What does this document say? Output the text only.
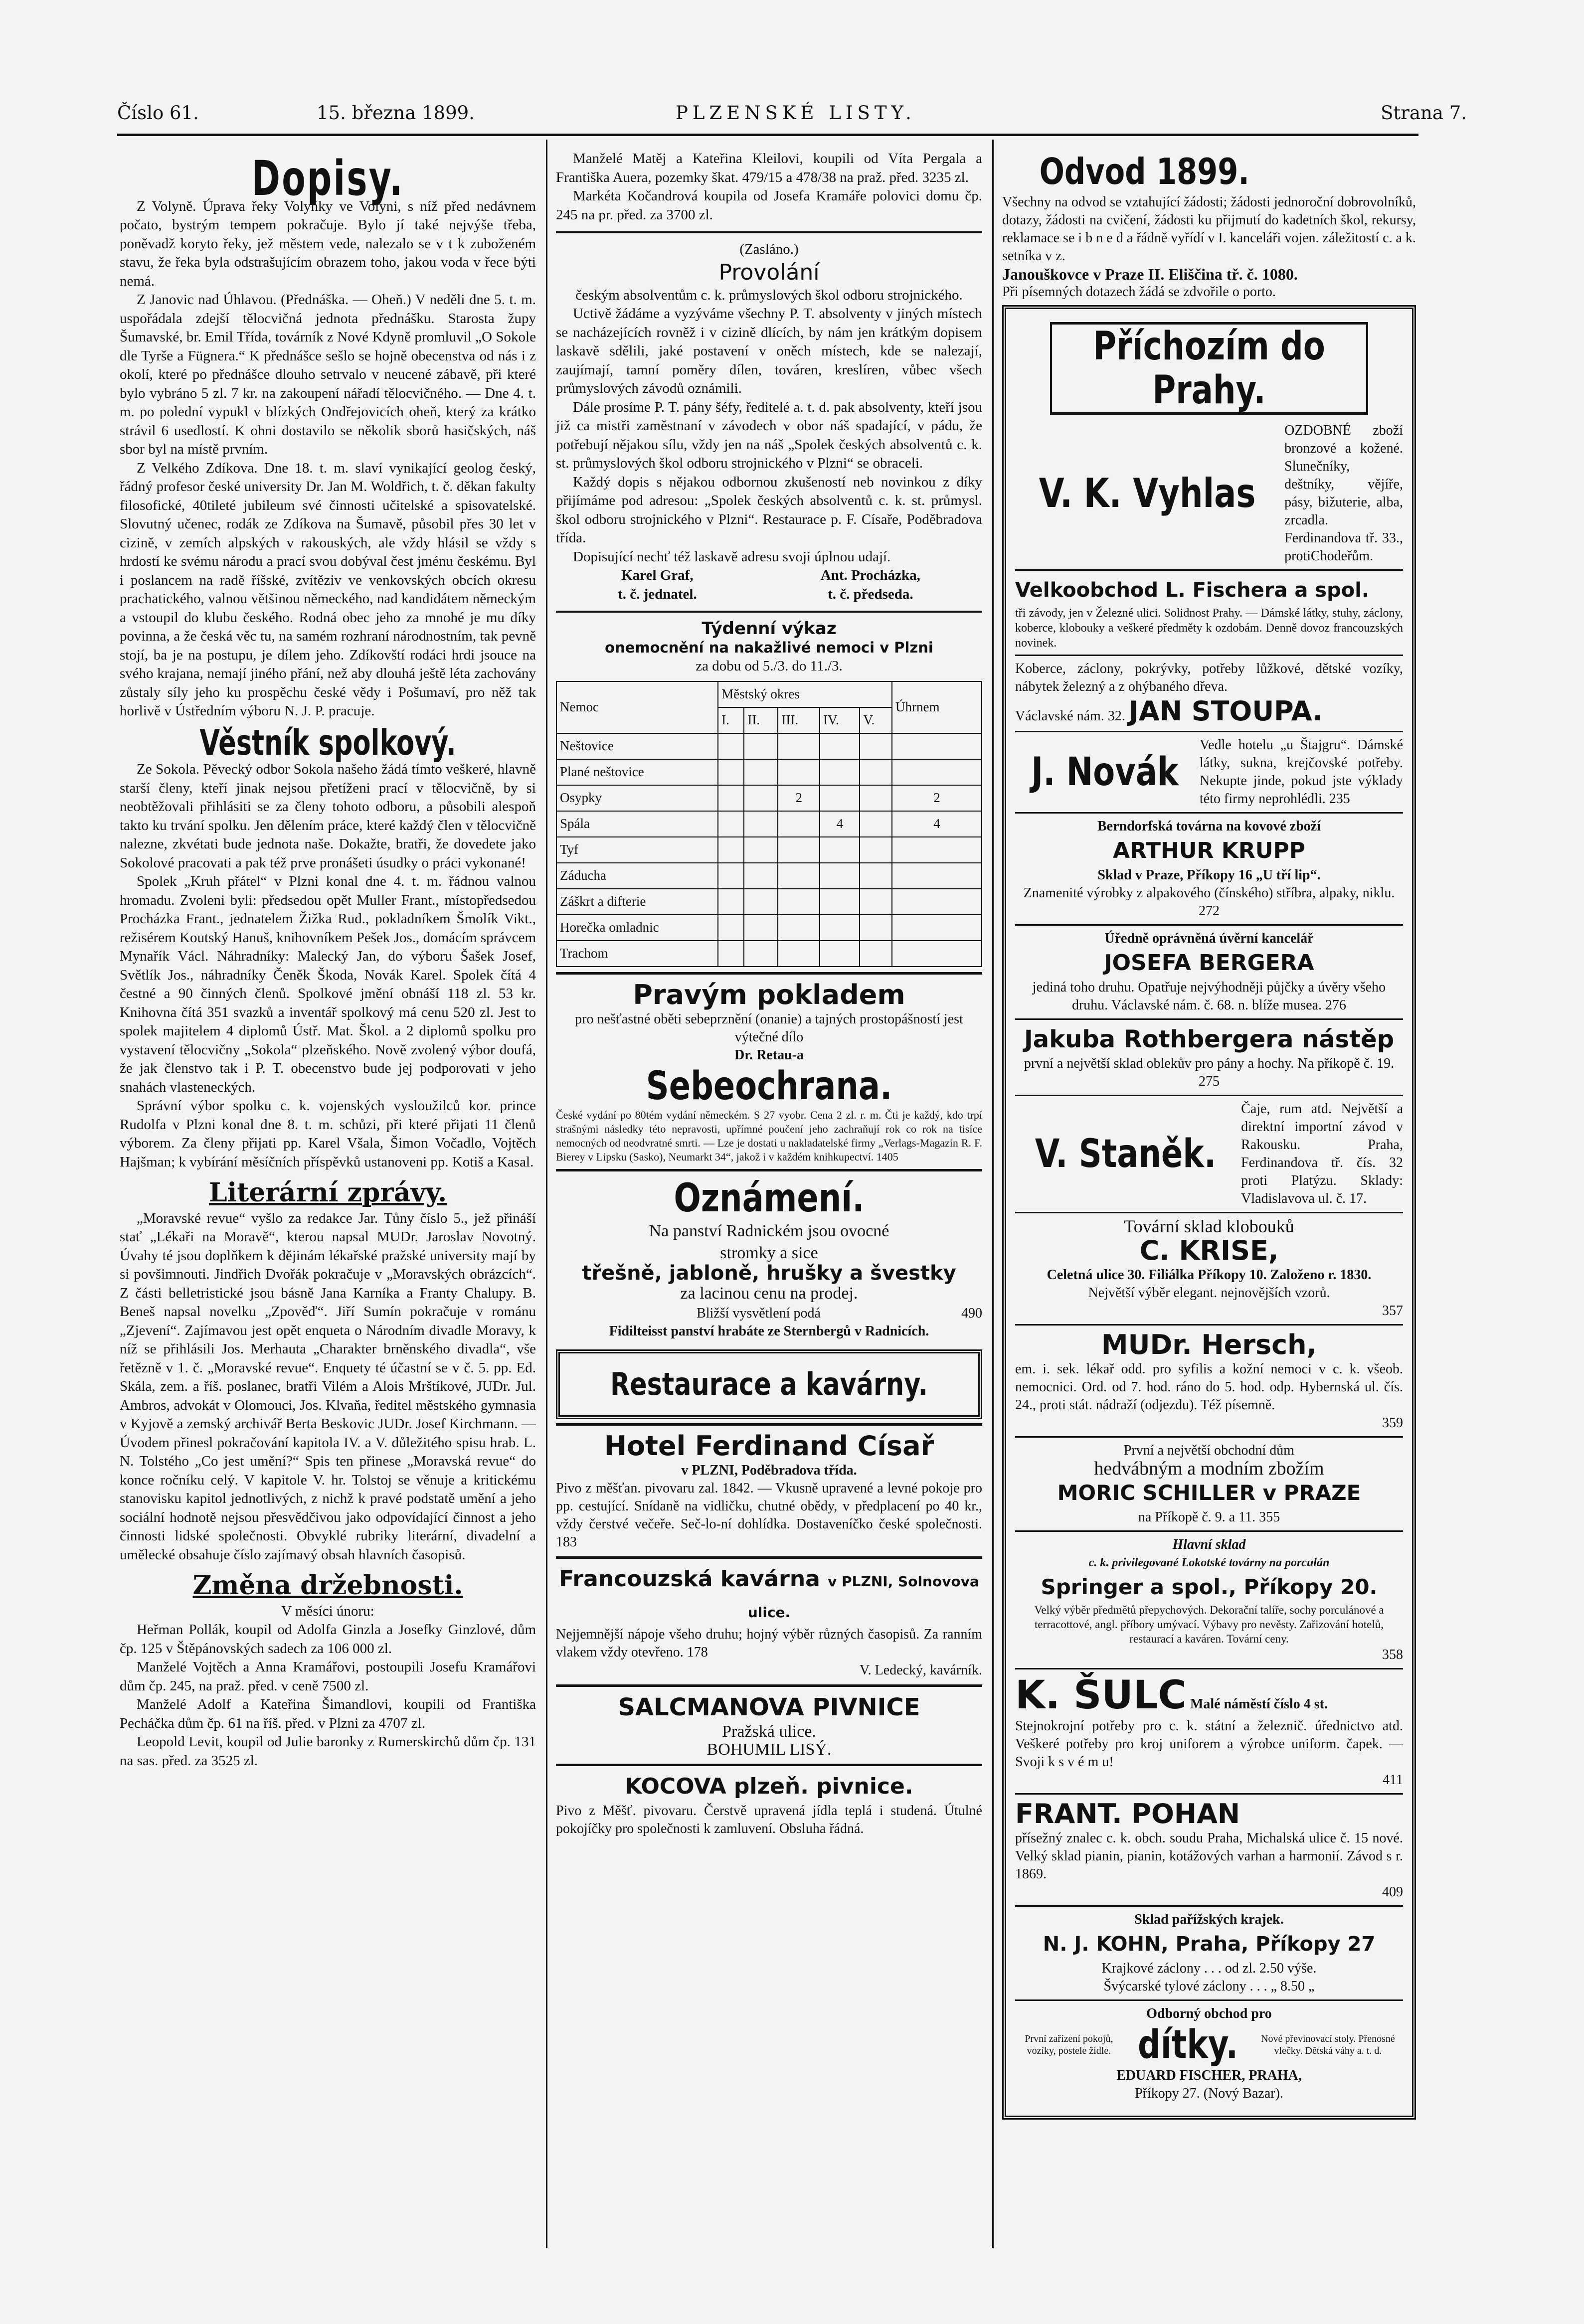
Číslo 61.	15. března 1899.	PLZENSKÉ LISTY.	Strana 7.
Dopisy.

Z Volyně. Úprava řeky Volyňky ve Volyni, s níž před nedávnem počato, bystrým tempem pokračuje. Bylo jí také nejvýše třeba, poněvadž koryto řeky, jež městem vede, nalezalo se v t k zuboženém stavu, že řeka byla odstrašujícím obrazem toho, jakou voda v řece býti nemá.

Z Janovic nad Úhlavou. (Přednáška. — Oheň.) V neděli dne 5. t. m. uspořádala zdejší tělocvičná jednota přednášku. Starosta župy Šumavské, br. Emil Třída, továrník z Nové Kdyně promluvil „O Sokole dle Tyrše a Fügnera.“ K přednášce sešlo se hojně obecenstva od nás i z okolí, které po přednášce dlouho setrvalo v neucené zábavě, při které bylo vybráno 5 zl. 7 kr. na zakoupení nářadí tělocvičného. — Dne 4. t. m. po polední vypukl v blízkých Ondřejovicích oheň, který za krátko strávil 6 usedlostí. K ohni dostavilo se několik sborů hasičských, náš sbor byl na místě prvním.

Z Velkého Zdíkova. Dne 18. t. m. slaví vynikající geolog český, řádný profesor české university Dr. Jan M. Woldřich, t. č. děkan fakulty filosofické, 40tileté jubileum své činnosti učitelské a spisovatelské. Slovutný učenec, rodák ze Zdíkova na Šumavě, působil přes 30 let v cizině, v zemích alpských v rakouských, ale vždy hlásil se vždy s hrdostí ke svému národu a prací svou dobýval čest jménu českému. Byl i poslancem na radě říšské, zvítěziv ve venkovských obcích okresu prachatického, valnou většinou německého, nad kandidátem německým a vstoupil do klubu českého. Rodná obec jeho za mnohé je mu díky povinna, a že česká věc tu, na samém rozhraní národnostním, tak pevně stojí, ba je na postupu, je dílem jeho. Zdíkovští rodáci hrdi jsouce na svého krajana, nemají jiného přání, než aby dlouhá ještě léta zachovány zůstaly síly jeho ku prospěchu české vědy i Pošumaví, pro něž tak horlivě v Ústředním výboru N. J. P. pracuje.

Věstník spolkový.

Ze Sokola. Pěvecký odbor Sokola našeho žádá tímto veškeré, hlavně starší členy, kteří jinak nejsou přetíženi prací v tělocvičně, by si neobtěžovali přihlásiti se za členy tohoto odboru, a působili alespoň takto ku trvání spolku. Jen dělením práce, které každý člen v tělocvičně nalezne, zkvétati bude jednota naše. Dokažte, bratři, že dovedete jako Sokolové pracovati a pak též prve pronášeti úsudky o práci vykonané!

Spolek „Kruh přátel“ v Plzni konal dne 4. t. m. řádnou valnou hromadu. Zvoleni byli: předsedou opět Muller Frant., místopředsedou Procházka Frant., jednatelem Žižka Rud., pokladníkem Šmolík Vikt., režisérem Koutský Hanuš, knihovníkem Pešek Jos., domácím správcem Mynařík Václ. Náhradníky: Malecký Jan, do výboru Šašek Josef, Světlík Jos., náhradníky Čeněk Škoda, Novák Karel. Spolek čítá 4 čestné a 90 činných členů. Spolkové jmění obnáší 118 zl. 53 kr. Knihovna čítá 351 svazků a inventář spolkový má cenu 520 zl. Jest to spolek majitelem 4 diplomů Ústř. Mat. Škol. a 2 diplomů spolku pro vystavení tělocvičny „Sokola“ plzeňského. Nově zvolený výbor doufá, že jak členstvo tak i P. T. obecenstvo bude jej podporovati v jeho snahách vlasteneckých.

Správní výbor spolku c. k. vojenských vysloužilců kor. prince Rudolfa v Plzni konal dne 8. t. m. schůzi, při které přijati 11 členů výborem. Za členy přijati pp. Karel Všala, Šimon Vočadlo, Vojtěch Hajšman; k vybírání měsíčních příspěvků ustanoveni pp. Kotiš a Kasal.

Literární zprávy.

„Moravské revue“ vyšlo za redakce Jar. Tůny číslo 5., jež přináší stať „Lékaři na Moravě“, kterou napsal MUDr. Jaroslav Novotný. Úvahy té jsou doplňkem k dějinám lékařské pražské university mají by si povšimnouti. Jindřich Dvořák pokračuje v „Moravských obrázcích“. Z části belletristické jsou básně Jana Karníka a Franty Chalupy. B. Beneš napsal novelku „Zpověď“. Jiří Sumín pokračuje v románu „Zjevení“. Zajímavou jest opět enqueta o Národním divadle Moravy, k níž se přihlásili Jos. Merhauta „Charakter brněnského divadla“, vše řetězně v 1. č. „Moravské revue“. Enquety té účastní se v č. 5. pp. Ed. Skála, zem. a říš. poslanec, bratři Vilém a Alois Mrštíkové, JUDr. Jul. Ambros, advokát v Olomouci, Jos. Klvaňa, ředitel městského gymnasia v Kyjově a zemský archivář Berta Beskovic JUDr. Josef Kirchmann. — Úvodem přinesl pokračování kapitola IV. a V. důležitého spisu hrab. L. N. Tolstého „Co jest umění?“ Spis ten přinese „Moravská revue“ do konce ročníku celý. V kapitole V. hr. Tolstoj se věnuje a kritickému stanovisku kapitol jednotlivých, z nichž k pravé podstatě umění a jeho sociální hodnotě nejsou přesvědčivou jako odpovídající činnost a jeho činnosti lidské společnosti. Obvyklé rubriky literární, divadelní a umělecké obsahuje číslo zajímavý obsah hlavních časopisů.

Změna držebnosti.

V měsíci únoru:

Heřman Pollák, koupil od Adolfa Ginzla a Josefky Ginzlové, dům čp. 125 v Štěpánovských sadech za 106 000 zl.

Manželé Vojtěch a Anna Kramářovi, postoupili Josefu Kramářovi dům čp. 245, na praž. před. v ceně 7500 zl.

Manželé Adolf a Kateřina Šimandlovi, koupili od Františka Pecháčka dům čp. 61 na říš. před. v Plzni za 4707 zl.

Leopold Levit, koupil od Julie baronky z Rumerskirchů dům čp. 131 na sas. před. za 3525 zl.

Manželé Matěj a Kateřina Kleilovi, koupili od Víta Pergala a Františka Auera, pozemky škat. 479/15 a 478/38 na praž. před. 3235 zl.

Markéta Kočandrová koupila od Josefa Kramáře polovici domu čp. 245 na pr. před. za 3700 zl.

(Zasláno.)

Provolání

českým absolventům c. k. průmyslových škol odboru strojnického.

Uctivě žádáme a vyzýváme všechny P. T. absolventy v jiných místech se nacházejících rovněž i v cizině dlících, by nám jen krátkým dopisem laskavě sdělili, jaké postavení v oněch místech, kde se nalezají, zaujímají, tamní poměry dílen, továren, kreslíren, vůbec všech průmyslových závodů oznámili.

Dále prosíme P. T. pány šéfy, ředitelé a. t. d. pak absolventy, kteří jsou již ca mistři zaměstnaní v závodech v obor náš spadající, v pádu, že potřebují nějakou sílu, vždy jen na náš „Spolek českých absolventů c. k. st. průmyslových škol odboru strojnického v Plzni“ se obraceli.

Každý dopis s nějakou odbornou zkušeností neb novinkou z díky přijímáme pod adresou: „Spolek českých absolventů c. k. st. průmysl. škol odboru strojnického v Plzni“. Restaurace p. F. Císaře, Poděbradova třída.

Dopisující nechť též laskavě adresu svoji úplnou udají.

Karel Graf,
t. č. jednatel.
Ant. Procházka,
t. č. předseda.

Týdenní výkaz

onemocnění na nakažlivé nemoci v Plzni

za dobu od 5./3. do 11./3.

Nemoc	Městský okres					Úhrnem
	I.	II.	III.	IV.	V.	
Neštovice						
Plané neštovice						
Osypky			2			2
Spála				4		4
Tyf						
Záducha						
Záškrt a difterie						
Horečka omladnic						
Trachom						
Pravým pokladem
pro nešťastné oběti sebeprznění (onanie) a tajných prostopášností jest výtečné dílo
Dr. Retau-a
Sebeochrana.
České vydání po 80tém vydání německém. S 27 vyobr. Cena 2 zl. r. m. Čti je každý, kdo trpí strašnými následky této nepravosti, upřímné poučení jeho zachraňují rok co rok na tisíce nemocných od neodvratné smrti. — Lze je dostati u nakladatelské firmy „Verlags-Magazin R. F. Bierey v Lipsku (Sasko), Neumarkt 34“, jakož i v každém knihkupectví. 1405
Oznámení.
Na panství Radnickém jsou ovocné
stromky a sice
třešně, jabloně, hrušky a švestky
za lacinou cenu na prodej.
Bližší vysvětlení podá	490
Fidilteisst panství hrabáte ze Sternbergů v Radnicích.
Restaurace a kavárny.
Hotel Ferdinand Císař
v PLZNI, Poděbradova třída.
Pivo z měšťan. pivovaru zal. 1842. — Vkusně upravené a levné pokoje pro pp. cestující. Snídaně na vidličku, chutné obědy, v předplacení po 40 kr., vždy čerstvé večeře. Seč-lo-ní dohlídka. Dostaveníčko české společnosti. 183
Francouzská kavárna v PLZNI, Solnovova ulice.
Nejjemnější nápoje všeho druhu; hojný výběr různých časopisů. Za ranním vlakem vždy otevřeno. 178
V. Ledecký, kavárník.
SALCMANOVA PIVNICE
Pražská ulice.
BOHUMIL LISÝ.
KOCOVA plzeň. pivnice.
Pivo z Měšť. pivovaru. Čerstvě upravená jídla teplá i studená. Útulné pokojíčky pro společnosti k zamluvení. Obsluha řádná.
Odvod 1899.
Všechny na odvod se vztahující žádosti; žádosti jednoroční dobrovolníků, dotazy, žádosti na cvičení, žádosti ku přijmutí do kadetních škol, rekursy, reklamace se i b n e d a řádně vyřídí v I. kanceláři vojen. záležitostí c. a k. setníka v z.
Janouškovce v Praze II. Eliščina tř. č. 1080.
Při písemných dotazech žádá se zdvořile o porto.
Příchozím do Prahy.
V. K. Vyhlas
OZDOBNÉ zboží bronzové a kožené. Slunečníky, deštníky, vějíře, pásy, bižuterie, alba, zrcadla. Ferdinandova tř. 33., protiChodeřům.
Velkoobchod L. Fischera a spol.
tři závody, jen v Železné ulici. Solidnost Prahy. — Dámské látky, stuhy, záclony, koberce, klobouky a veškeré předměty k ozdobám. Denně dovoz francouzských novinek.
Koberce, záclony, pokrývky, potřeby lůžkové, dětské vozíky, nábytek železný a z ohýbaného dřeva.
Václavské nám. 32. JAN STOUPA.
J. Novák
Vedle hotelu „u Štajgru“. Dámské látky, sukna, krejčovské potřeby. Nekupte jinde, pokud jste výklady této firmy neprohlédli. 235
Berndorfská továrna na kovové zboží
ARTHUR KRUPP
Sklad v Praze, Příkopy 16 „U tří lip“.
Znamenité výrobky z alpakového (čínského) stříbra, alpaky, niklu. 272
Úředně oprávněná úvěrní kancelář
JOSEFA BERGERA
jediná toho druhu. Opatřuje nejvýhodněji půjčky a úvěry všeho druhu. Václavské nám. č. 68. n. blíže musea. 276
Jakuba Rothbergera nástěp
první a největší sklad oblekův pro pány a hochy. Na příkopě č. 19. 275
V. Staněk.
Čaje, rum atd. Největší a direktní importní závod v Rakousku. Praha, Ferdinandova tř. čís. 32 proti Platýzu. Sklady: Vladislavova ul. č. 17.
Tovární sklad klobouků
C. KRISE,
Celetná ulice 30. Filiálka Příkopy 10. Založeno r. 1830.
Největší výběr elegant. nejnovějších vzorů.
357
MUDr. Hersch,
em. i. sek. lékař odd. pro syfilis a kožní nemoci v c. k. všeob. nemocnici. Ord. od 7. hod. ráno do 5. hod. odp. Hybernská ul. čís. 24., proti stát. nádraží (odjezdu). Též písemně.
359
První a největší obchodní dům
hedvábným a modním zbožím
MORIC SCHILLER v PRAZE
na Příkopě č. 9. a 11. 355
Hlavní sklad
c. k. privilegované Lokotské továrny na porculán
Springer a spol., Příkopy 20.
Velký výběr předmětů přepychových. Dekorační talíře, sochy porculánové a terracottové, angl. příbory umývací. Výbavy pro nevěsty. Zařizování hotelů, restaurací a kaváren. Tovární ceny.
358
K. ŠULC Malé náměstí číslo 4 st.
Stejnokrojní potřeby pro c. k. státní a železnič. úřednictvo atd. Veškeré potřeby pro kroj uniforem a výrobce uniform. čapek. — Svoji k s v é m u!
411
FRANT. POHAN
přísežný znalec c. k. obch. soudu Praha, Michalská ulice č. 15 nové. Velký sklad pianin, pianin, kotážových varhan a harmonií. Závod s r. 1869.
409
Sklad pařížských krajek.
N. J. KOHN, Praha, Příkopy 27
Krajkové záclony . . . od zl. 2.50 výše.
Švýcarské tylové záclony . . . „ 8.50 „
Odborný obchod pro
První zařízení pokojů, vozíky, postele židle. dítky.	Nové převinovací stoly. Přenosné vlečky. Dětská váhy a. t. d.
EDUARD FISCHER, PRAHA,
Příkopy 27. (Nový Bazar).
